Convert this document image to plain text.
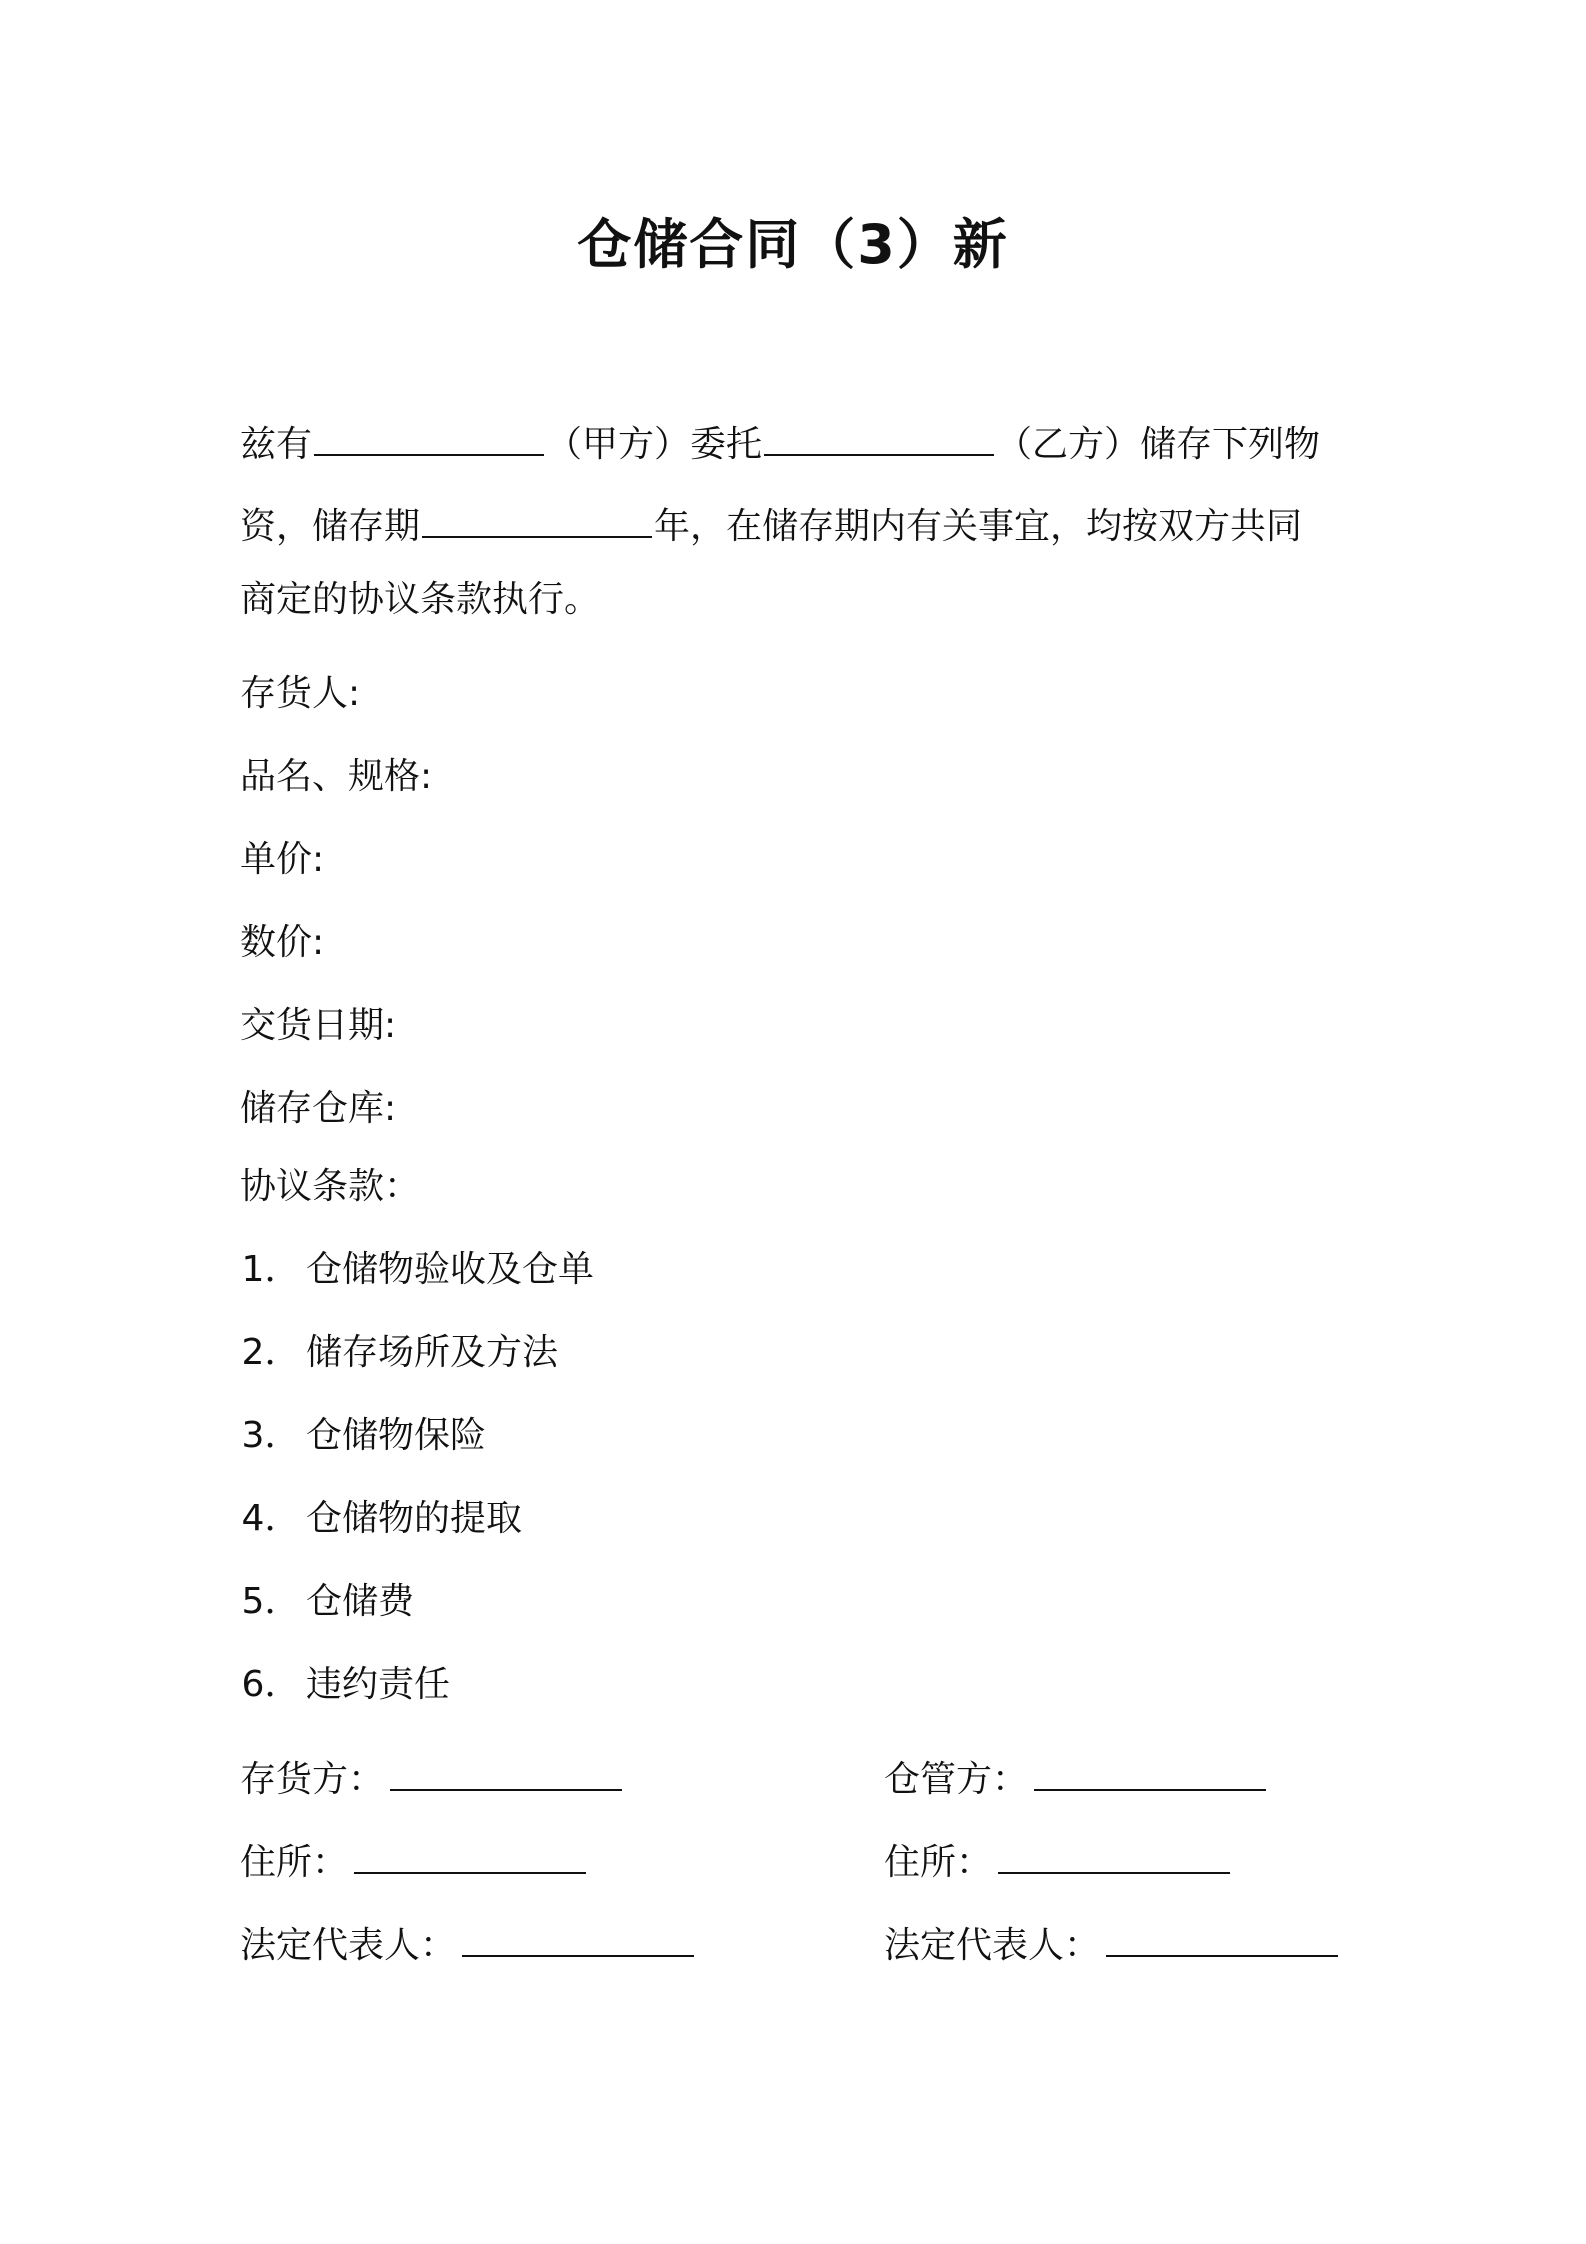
仓储合同（3）新
兹有	（甲方）委托	（乙方）储存下列物
资，储存期	年，在储存期内有关事宜，均按双方共同
商定的协议条款执行。
存货人:
品名、规格:
单价:
数价:
交货日期:
储存仓库:
协议条款：
1． 仓储物验收及仓单
2． 储存场所及方法
3． 仓储物保险
4． 仓储物的提取
5． 仓储费
6． 违约责任
存货方：
住所：
法定代表人：
仓管方：
住所：
法定代表人：
